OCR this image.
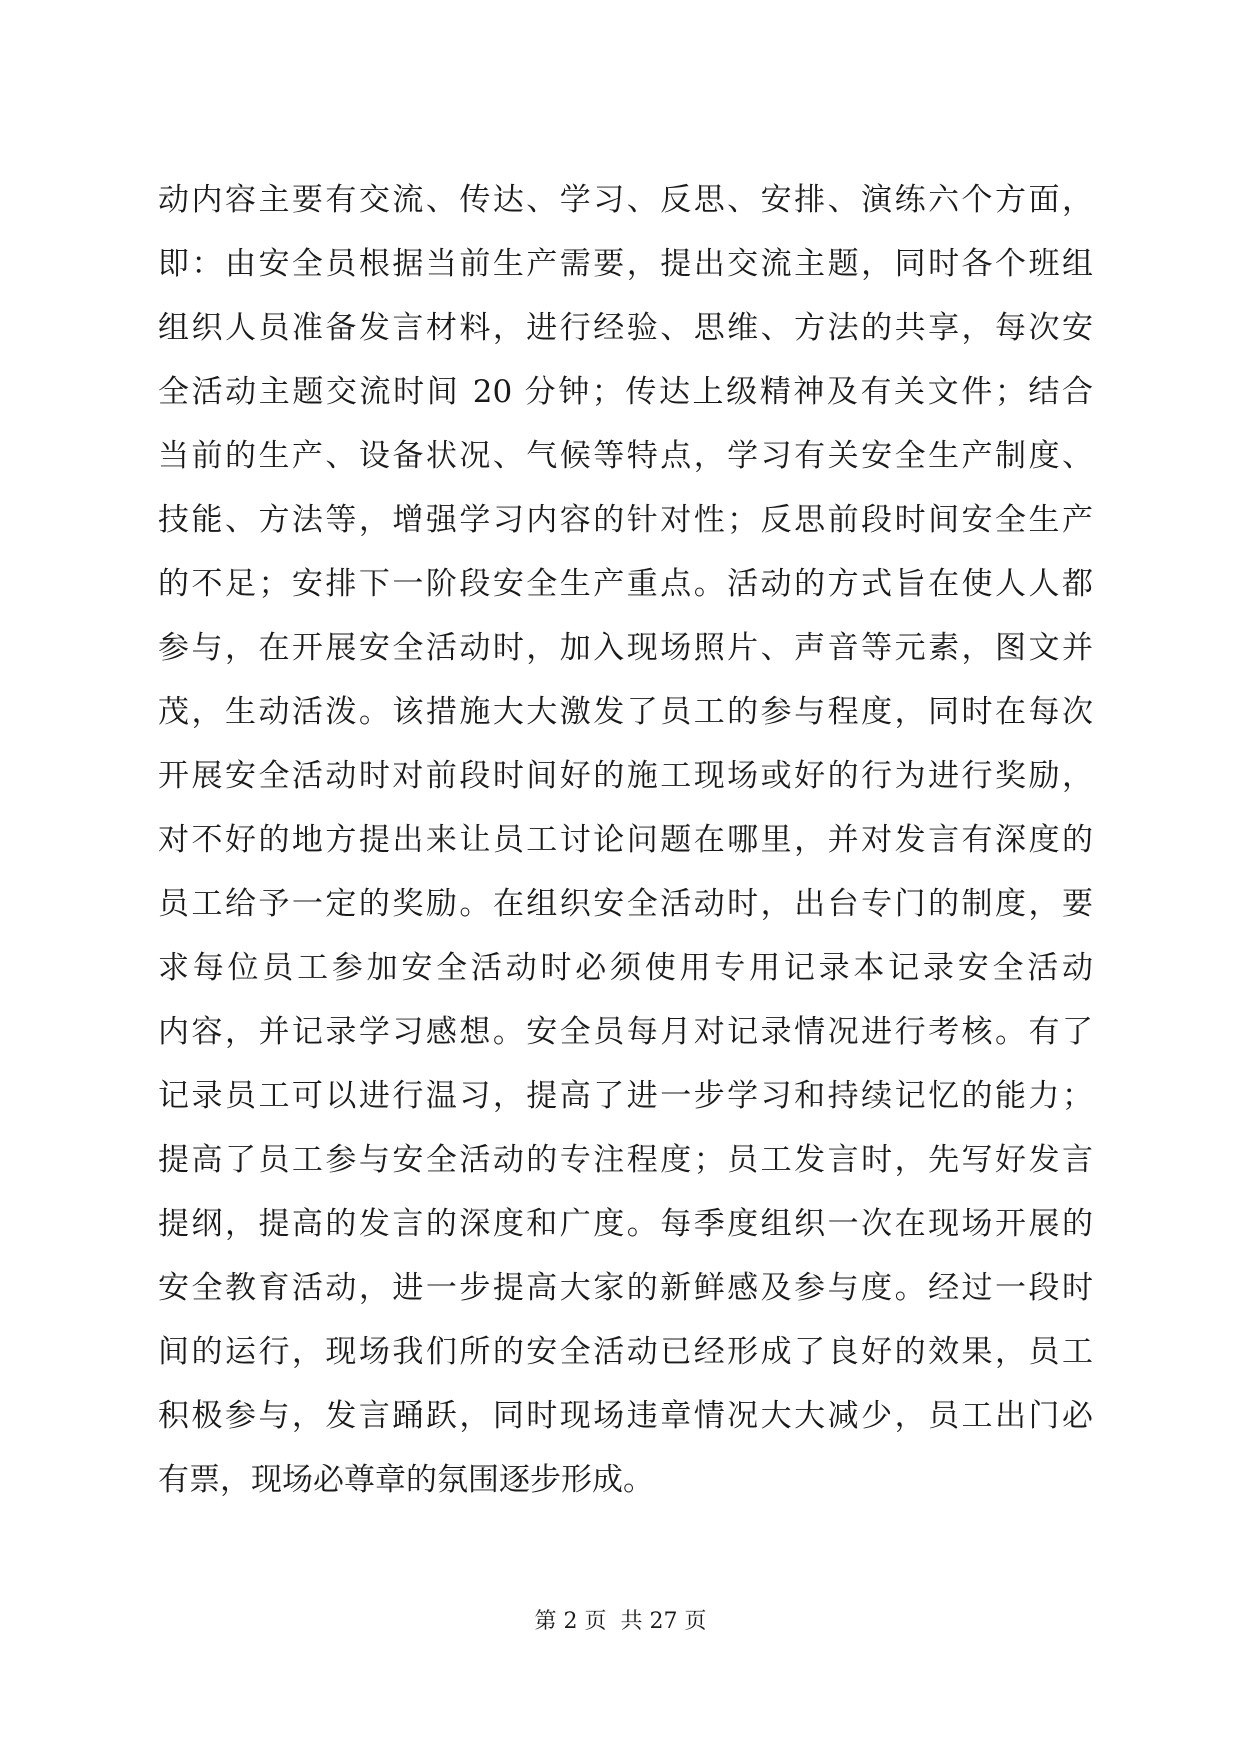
动内容主要有交流、传达、学习、反思、安排、演练六个方面，
即：由安全员根据当前生产需要，提出交流主题，同时各个班组
组织人员准备发言材料，进行经验、思维、方法的共享，每次安
全活动主题交流时间 20 分钟；传达上级精神及有关文件；结合
当前的生产、设备状况、气候等特点，学习有关安全生产制度、
技能、方法等，增强学习内容的针对性；反思前段时间安全生产
的不足；安排下一阶段安全生产重点。活动的方式旨在使人人都
参与，在开展安全活动时，加入现场照片、声音等元素，图文并
茂，生动活泼。该措施大大激发了员工的参与程度，同时在每次
开展安全活动时对前段时间好的施工现场或好的行为进行奖励，
对不好的地方提出来让员工讨论问题在哪里，并对发言有深度的
员工给予一定的奖励。在组织安全活动时，出台专门的制度，要
求每位员工参加安全活动时必须使用专用记录本记录安全活动
内容，并记录学习感想。安全员每月对记录情况进行考核。有了
记录员工可以进行温习，提高了进一步学习和持续记忆的能力；
提高了员工参与安全活动的专注程度；员工发言时，先写好发言
提纲，提高的发言的深度和广度。每季度组织一次在现场开展的
安全教育活动，进一步提高大家的新鲜感及参与度。经过一段时
间的运行，现场我们所的安全活动已经形成了良好的效果，员工
积极参与，发言踊跃，同时现场违章情况大大减少，员工出门必
有票，现场必尊章的氛围逐步形成。
第 2 页  共 27 页
